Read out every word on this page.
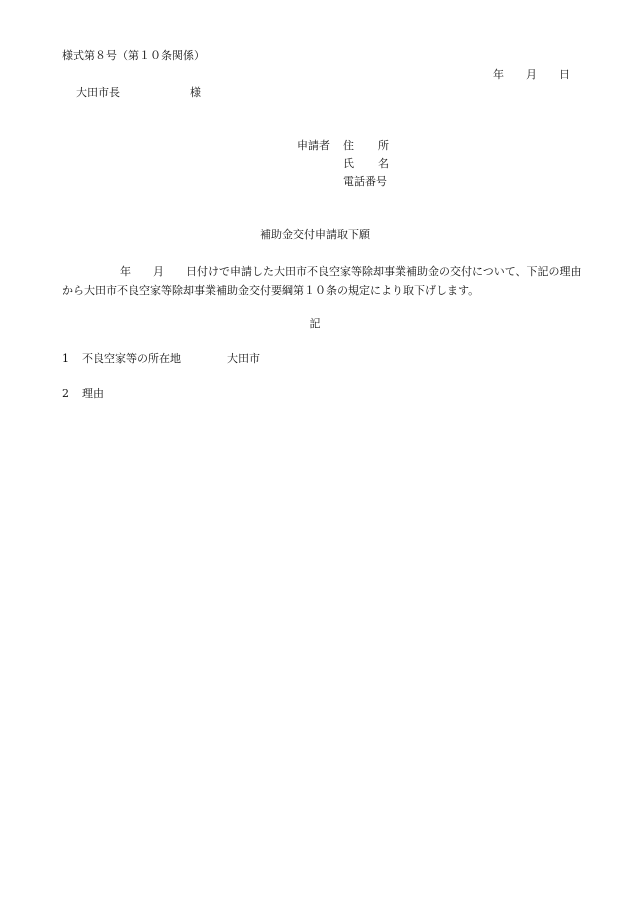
様式第８号（第１０条関係）
年 月 日
大田市長	様
申請者 住 所
氏 名
電話番号
補助金交付申請取下願
年 月 日付けで申請した大田市不良空家等除却事業補助金の交付について、下記の理由から大田市不良空家等除却事業補助金交付要綱第１０条の規定により取下げします。
記
1 不良空家等の所在地	大田市
2 理由
